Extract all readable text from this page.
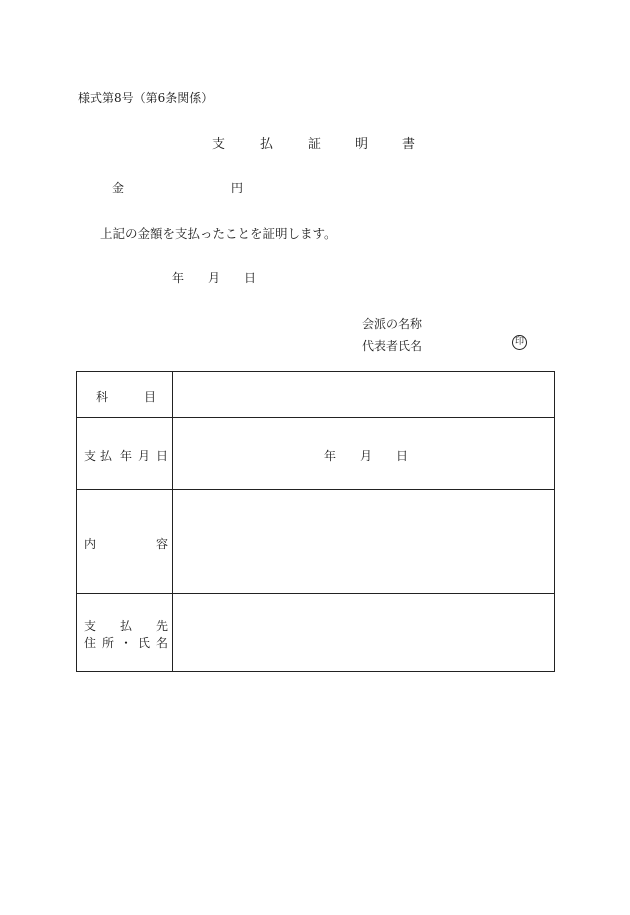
様式第8号（第6条関係）
支	払	証	明	書
金	円
上記の金額を支払ったことを証明します。
年 月 日
会派の名称
代表者氏名	印
科	目
支 払 年 月 日	年 月 日
内	容
支 払 先
住 所 ・ 氏 名
